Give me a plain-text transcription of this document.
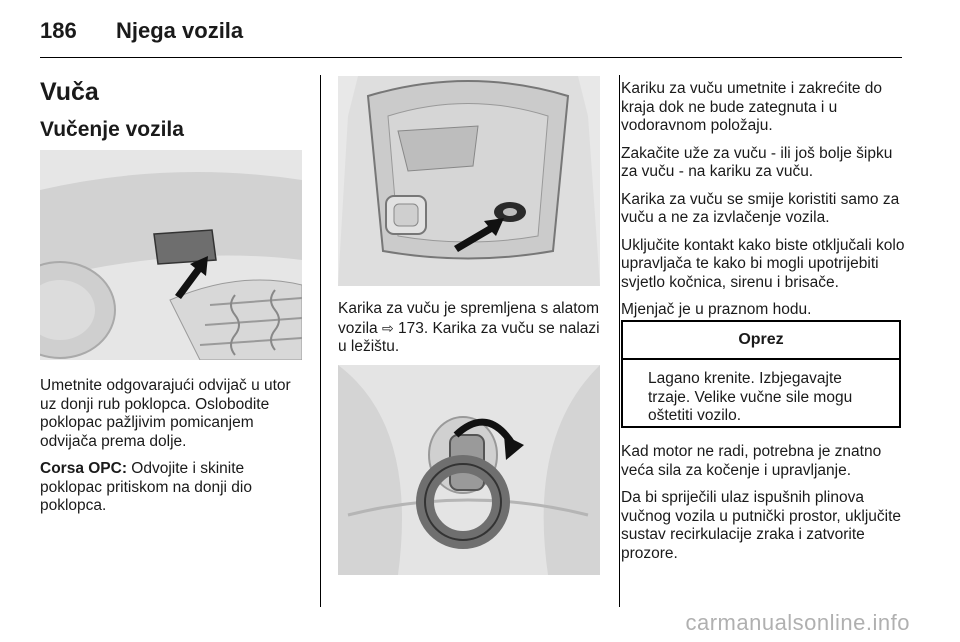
186 Njega vozila
Vuča
Vučenje vozila

Umetnite odgovarajući odvijač u utor uz donji rub poklopca. Oslobodite poklopac pažljivim pomicanjem odvijača prema dolje.

Corsa OPC: Odvojite i skinite poklopac pritiskom na donji dio poklopca.

Karika za vuču je spremljena s alatom vozila ⇨ 173. Karika za vuču se nalazi u ležištu.

Kariku za vuču umetnite i zakrećite do kraja dok ne bude zategnuta i u vodoravnom položaju.

Zakačite uže za vuču - ili još bolje šipku za vuču - na kariku za vuču.

Karika za vuču se smije koristiti samo za vuču a ne za izvlačenje vozila.

Uključite kontakt kako biste otključali kolo upravljača te kako bi mogli upotrijebiti svjetlo kočnica, sirenu i brisače.

Mjenjač je u praznom hodu.

Oprez
Lagano krenite. Izbjegavajte trzaje. Velike vučne sile mogu oštetiti vozilo.

Kad motor ne radi, potrebna je znatno veća sila za kočenje i upravljanje.

Da bi spriječili ulaz ispušnih plinova vučnog vozila u putnički prostor, uključite sustav recirkulacije zraka i zatvorite prozore.

carmanualsonline.info
